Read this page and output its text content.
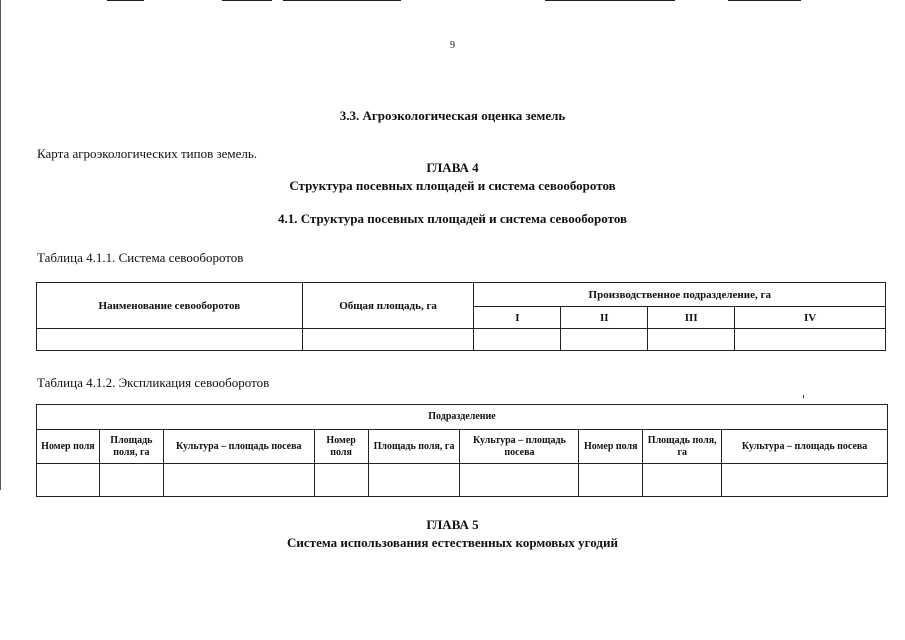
9
3.3. Агроэкологическая оценка земель
Карта агроэкологических типов земель.
ГЛАВА 4
Структура посевных площадей и система севооборотов
4.1. Структура посевных площадей и система севооборотов
Таблица 4.1.1. Система севооборотов
Наименование севооборотов	Общая площадь, га	Производственное подразделение, га			
		I	II	III	IV

Таблица 4.1.2. Экспликация севооборотов
Подразделение								
Номер поля	Площадь поля, га	Культура – площадь посева	Номер поля	Площадь поля, га	Культура – площадь посева	Номер поля	Площадь поля, га	Культура – площадь посева

ГЛАВА 5
Система использования естественных кормовых угодий
